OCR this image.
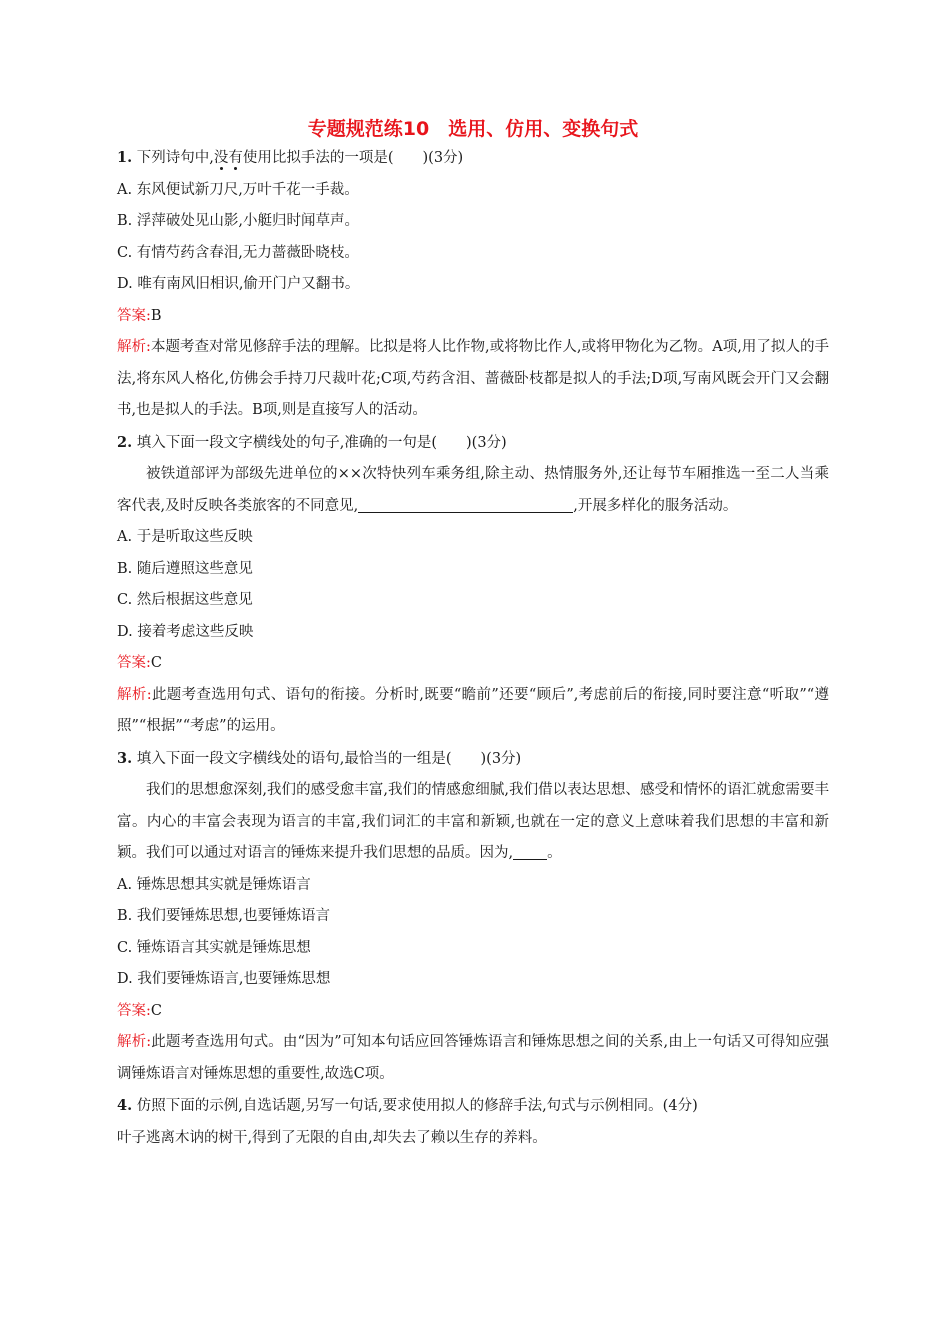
专题规范练10　选用、仿用、变换句式

1. 下列诗句中,没有使用比拟手法的一项是(　　)(3分)

A. 东风便试新刀尺,万叶千花一手裁。

B. 浮萍破处见山影,小艇归时闻草声。

C. 有情芍药含春泪,无力蔷薇卧晓枝。

D. 唯有南风旧相识,偷开门户又翻书。

答案:B

解析:本题考查对常见修辞手法的理解。比拟是将人比作物,或将物比作人,或将甲物化为乙物。A项,用了拟人的手法,将东风人格化,仿佛会手持刀尺裁叶花;C项,芍药含泪、蔷薇卧枝都是拟人的手法;D项,写南风既会开门又会翻书,也是拟人的手法。B项,则是直接写人的活动。

2. 填入下面一段文字横线处的句子,准确的一句是(　　)(3分)

被铁道部评为部级先进单位的××次特快列车乘务组,除主动、热情服务外,还让每节车厢推选一至二人当乘客代表,及时反映各类旅客的不同意见,	,开展多样化的服务活动。

A. 于是听取这些反映

B. 随后遵照这些意见

C. 然后根据这些意见

D. 接着考虑这些反映

答案:C

解析:此题考查选用句式、语句的衔接。分析时,既要“瞻前”还要“顾后”,考虑前后的衔接,同时要注意“听取”“遵照”“根据”“考虑”的运用。

3. 填入下面一段文字横线处的语句,最恰当的一组是(　　)(3分)

我们的思想愈深刻,我们的感受愈丰富,我们的情感愈细腻,我们借以表达思想、感受和情怀的语汇就愈需要丰富。内心的丰富会表现为语言的丰富,我们词汇的丰富和新颖,也就在一定的意义上意味着我们思想的丰富和新颖。我们可以通过对语言的锤炼来提升我们思想的品质。因为, 。

A. 锤炼思想其实就是锤炼语言

B. 我们要锤炼思想,也要锤炼语言

C. 锤炼语言其实就是锤炼思想

D. 我们要锤炼语言,也要锤炼思想

答案:C

解析:此题考查选用句式。由“因为”可知本句话应回答锤炼语言和锤炼思想之间的关系,由上一句话又可得知应强调锤炼语言对锤炼思想的重要性,故选C项。

4. 仿照下面的示例,自选话题,另写一句话,要求使用拟人的修辞手法,句式与示例相同。(4分)

叶子逃离木讷的树干,得到了无限的自由,却失去了赖以生存的养料。
